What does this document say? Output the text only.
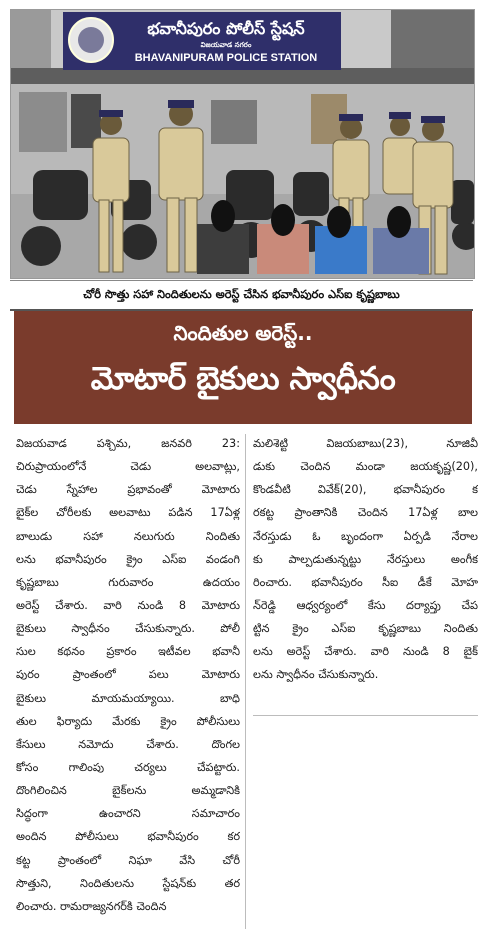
భవానీపురం పోలీస్ స్టేషన్
విజయవాడ నగరం
BHAVANIPURAM POLICE STATION
చోరీ సొత్తు సహా నిందితులను అరెస్ట్ చేసిన భవానీపురం ఎస్ఐ కృష్ణబాబు
నిందితుల అరెస్ట్..
మోటార్ బైకులు స్వాధీనం
విజయవాడ పశ్చిమ, జనవరి 23:
చిరుప్రాయంలోనే చెడు అలవాట్లు,
చెడు స్నేహాల ప్రభావంతో మోటారు
బైక్‌ల చోరీలకు అలవాటు పడిన 17ఏళ్ల
బాలుడు సహా నలుగురు నిందితు
లను భవానీపురం క్రైం ఎస్ఐ వండంగి
కృష్ణబాబు గురువారం ఉదయం
అరెస్ట్ చేశారు. వారి నుండి 8 మోటారు
బైకులు స్వాధీనం చేసుకున్నారు. పోలీ
సుల కథనం ప్రకారం ఇటీవల భవానీ
పురం ప్రాంతంలో పలు మోటారు
బైకులు మాయమయ్యాయి. బాధి
తుల ఫిర్యాదు మేరకు క్రైం పోలీసులు
కేసులు నమోదు చేశారు. దొంగల
కోసం గాలింపు చర్యలు చేపట్టారు.
దొంగిలించిన బైక్‌లను అమ్మడానికి
సిద్ధంగా ఉంచారని సమాచారం
అందిన పోలీసులు భవానీపురం కర
కట్ట ప్రాంతంలో నిఘా వేసి చోరీ
సొత్తుని, నిందితులను స్టేషన్‌కు తర
లించారు. రామరాజ్యనగర్‌కి చెందిన
మలిశెట్టి విజయబాబు(23), నూజివీ
డుకు చెందిన మండా జయకృష్ణ(20),
కొండవీటి వివేక్(20), భవానీపురం క
రకట్ట ప్రాంతానికి చెందిన 17ఏళ్ల బాల
నేరస్తుడు ఓ బృందంగా ఏర్పడి నేరాల
కు పాల్పడుతున్నట్టు నేరస్తులు అంగీక
రించారు. భవానీపురం సీఐ డీకే మోహ
న్‌రెడ్డి ఆధ్వర్యంలో కేసు దర్యాప్తు చేప
ట్టిన క్రైం ఎస్ఐ కృష్ణబాబు నిందితు
లను అరెస్ట్ చేశారు. వారి నుండి 8 బైక్
లను స్వాధీనం చేసుకున్నారు.
